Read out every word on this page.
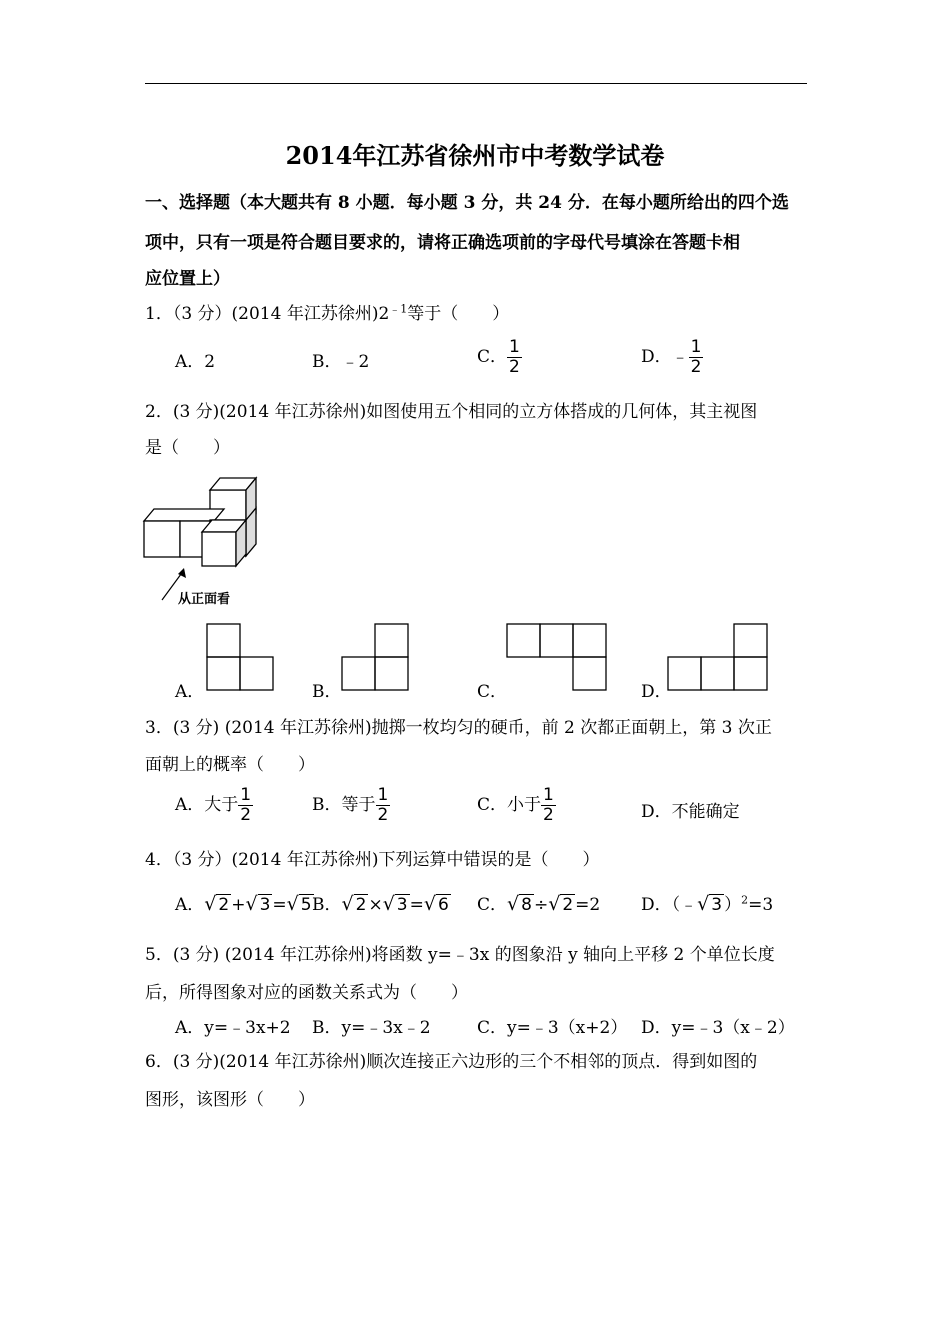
2014年江苏省徐州市中考数学试卷
一、选择题（本大题共有 8 小题．每小题 3 分，共 24 分．在每小题所给出的四个选
项中，只有一项是符合题目要求的，请将正确选项前的字母代号填涂在答题卡相
应位置上）
1．（3 分）(2014 年江苏徐州)$2^{﹣1}$等于（　　）
A．2	B．﹣2	C． $\frac{1}{2}$	D．﹣ $\frac{1}{2}$
2．(3 分)(2014 年江苏徐州)如图使用五个相同的立方体搭成的几何体，其主视图
是（　　）
从正面看
A．	B．	C．	D．
3．(3 分) (2014 年江苏徐州)抛掷一枚均匀的硬币，前 2 次都正面朝上，第 3 次正
面朝上的概率（　　）
A．大于 $\frac{1}{2}$	B．等于 $\frac{1}{2}$	C．小于 $\frac{1}{2}$	D．不能确定
4．（3 分）(2014 年江苏徐州)下列运算中错误的是（　　）
A．√ 2 +√ 3 =√ 5 B．√ 2 ×√ 3 =√ 6 C．√ 8 ÷√ 2 =2 D．（﹣√ 3 ）$^2$=3
5．(3 分) (2014 年江苏徐州)将函数 y=﹣3x 的图象沿 y 轴向上平移 2 个单位长度
后，所得图象对应的函数关系式为（　　）
A．y=﹣3x+2 B．y=﹣3x﹣2	C．y=﹣3（x+2） D．y=﹣3（x﹣2）
6．(3 分)(2014 年江苏徐州)顺次连接正六边形的三个不相邻的顶点．得到如图的
图形，该图形（　　）
